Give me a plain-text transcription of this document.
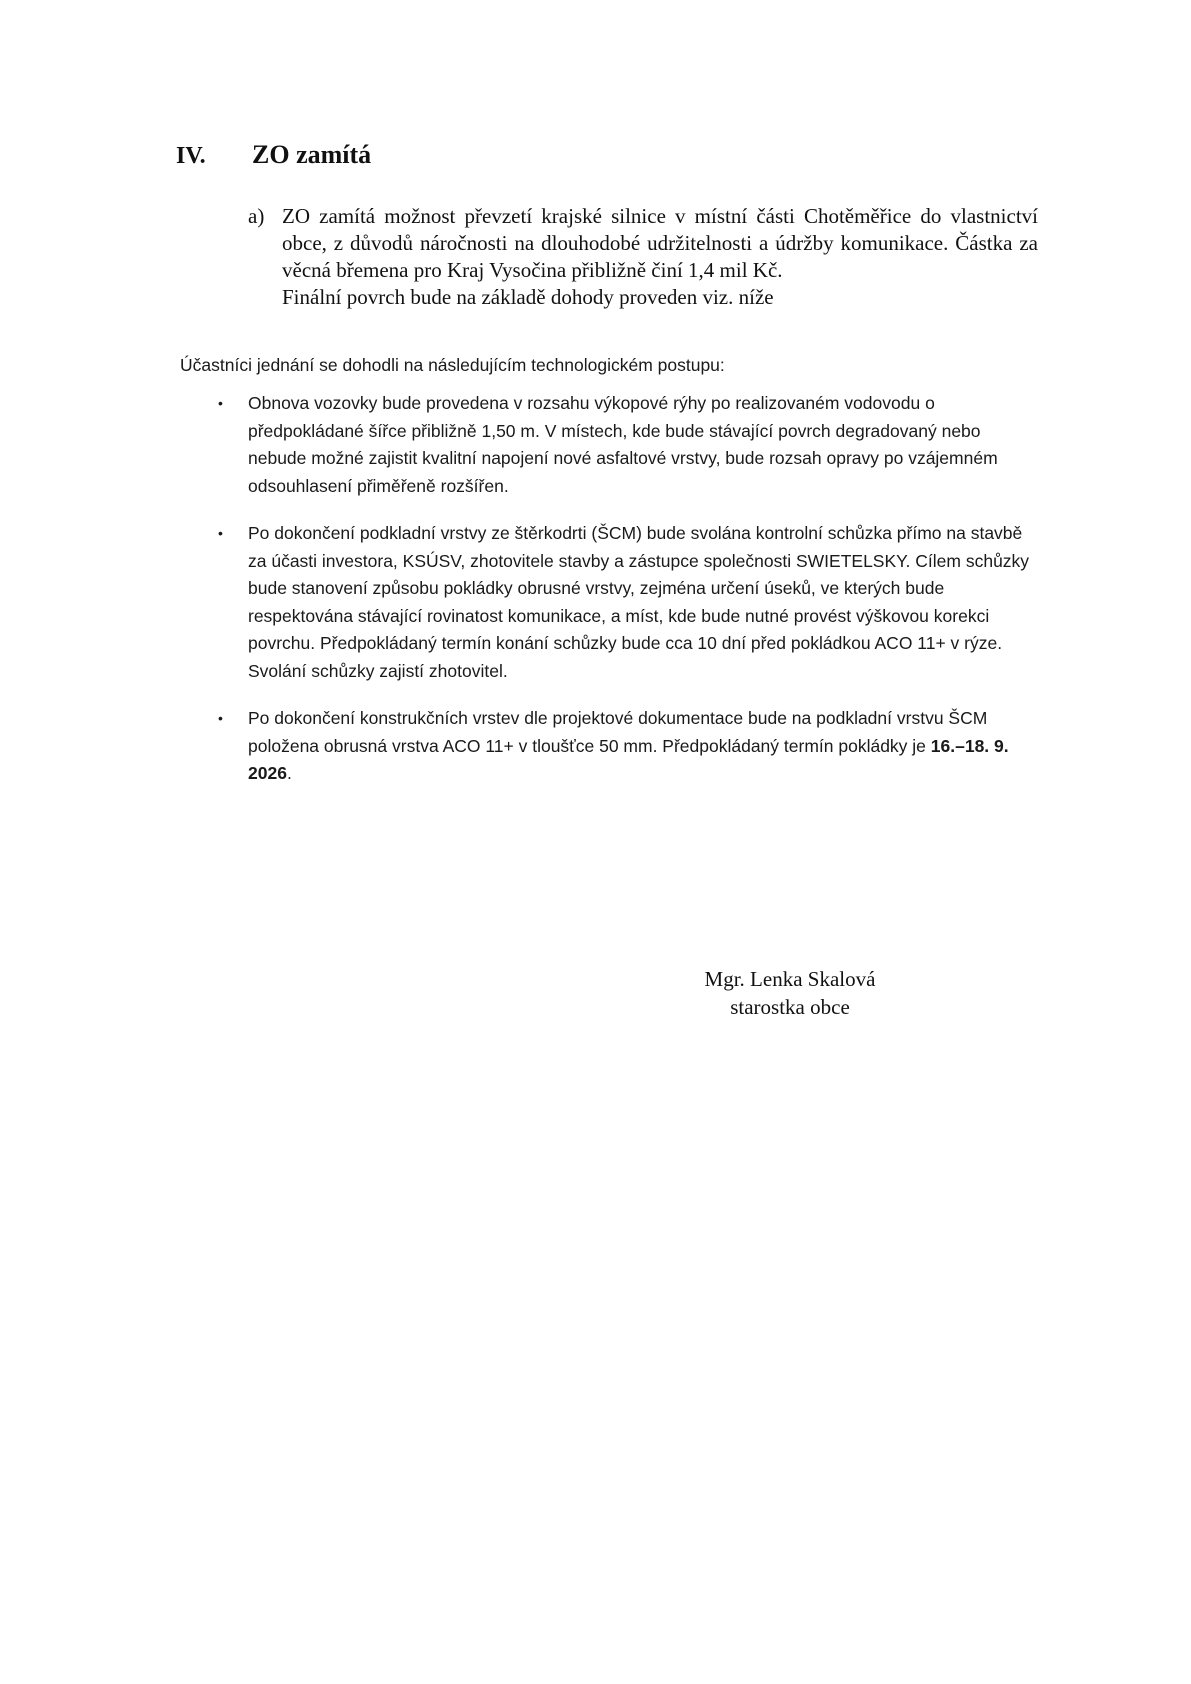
IV.	ZO zamítá
a) ZO zamítá možnost převzetí krajské silnice v místní části Chotěměřice do vlastnictví obce, z důvodů náročnosti na dlouhodobé udržitelnosti a údržby komunikace. Částka za věcná břemena pro Kraj Vysočina přibližně činí 1,4 mil Kč.

Finální povrch bude na základě dohody proveden viz. níže

Účastníci jednání se dohodli na následujícím technologickém postupu:

•	Obnova vozovky bude provedena v rozsahu výkopové rýhy po realizovaném vodovodu o předpokládané šířce přibližně 1,50 m. V místech, kde bude stávající povrch degradovaný nebo nebude možné zajistit kvalitní napojení nové asfaltové vrstvy, bude rozsah opravy po vzájemném odsouhlasení přiměřeně rozšířen.
•	Po dokončení podkladní vrstvy ze štěrkodrti (ŠCM) bude svolána kontrolní schůzka přímo na stavbě za účasti investora, KSÚSV, zhotovitele stavby a zástupce společnosti SWIETELSKY. Cílem schůzky bude stanovení způsobu pokládky obrusné vrstvy, zejména určení úseků, ve kterých bude respektována stávající rovinatost komunikace, a míst, kde bude nutné provést výškovou korekci povrchu. Předpokládaný termín konání schůzky bude cca 10 dní před pokládkou ACO 11+ v rýze. Svolání schůzky zajistí zhotovitel.
•	Po dokončení konstrukčních vrstev dle projektové dokumentace bude na podkladní vrstvu ŠCM položena obrusná vrstva ACO 11+ v tloušťce 50 mm. Předpokládaný termín pokládky je 16.–18. 9. 2026.
Mgr. Lenka Skalová
starostka obce
